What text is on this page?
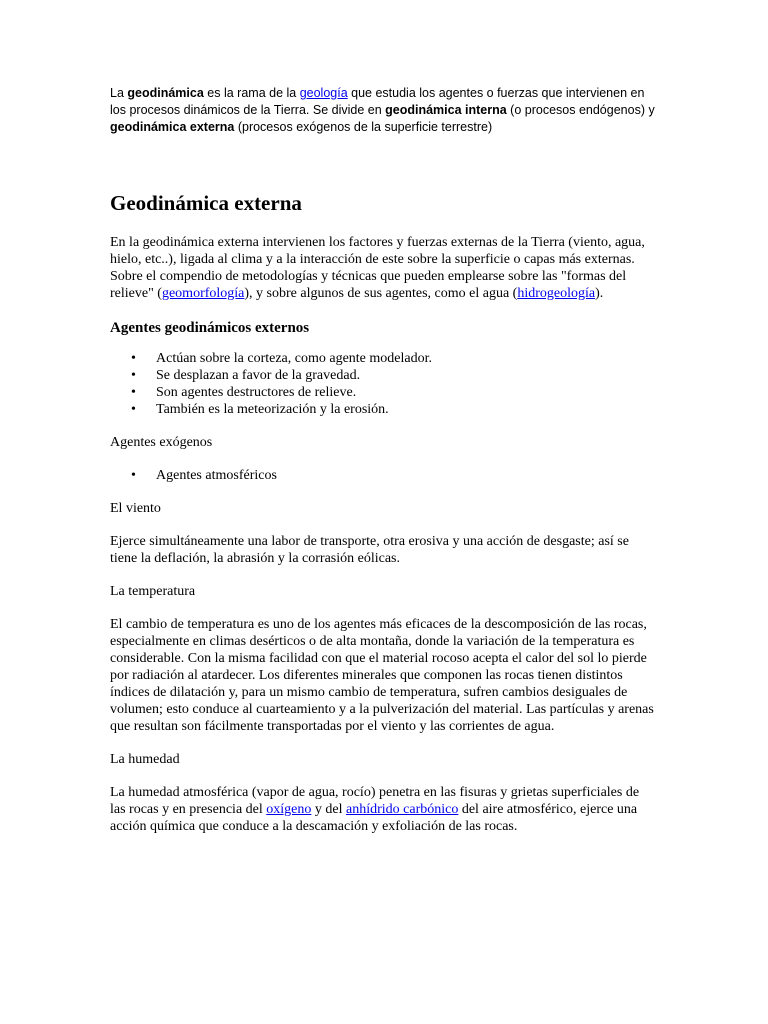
La geodinámica es la rama de la geología que estudia los agentes o fuerzas que intervienen en los procesos dinámicos de la Tierra. Se divide en geodinámica interna (o procesos endógenos) y geodinámica externa (procesos exógenos de la superficie terrestre)

Geodinámica externa

En la geodinámica externa intervienen los factores y fuerzas externas de la Tierra (viento, agua, hielo, etc..), ligada al clima y a la interacción de este sobre la superficie o capas más externas. Sobre el compendio de metodologías y técnicas que pueden emplearse sobre las "formas del relieve" (geomorfología), y sobre algunos de sus agentes, como el agua (hidrogeología).

Agentes geodinámicos externos
• Actúan sobre la corteza, como agente modelador.
• Se desplazan a favor de la gravedad.
• Son agentes destructores de relieve.
• También es la meteorización y la erosión.

Agentes exógenos

• Agentes atmosféricos

El viento

Ejerce simultáneamente una labor de transporte, otra erosiva y una acción de desgaste; así se tiene la deflación, la abrasión y la corrasión eólicas.

La temperatura

El cambio de temperatura es uno de los agentes más eficaces de la descomposición de las rocas, especialmente en climas desérticos o de alta montaña, donde la variación de la temperatura es considerable. Con la misma facilidad con que el material rocoso acepta el calor del sol lo pierde por radiación al atardecer. Los diferentes minerales que componen las rocas tienen distintos índices de dilatación y, para un mismo cambio de temperatura, sufren cambios desiguales de volumen; esto conduce al cuarteamiento y a la pulverización del material. Las partículas y arenas que resultan son fácilmente transportadas por el viento y las corrientes de agua.

La humedad

La humedad atmosférica (vapor de agua, rocío) penetra en las fisuras y grietas superficiales de las rocas y en presencia del oxígeno y del anhídrido carbónico del aire atmosférico, ejerce una acción química que conduce a la descamación y exfoliación de las rocas.
